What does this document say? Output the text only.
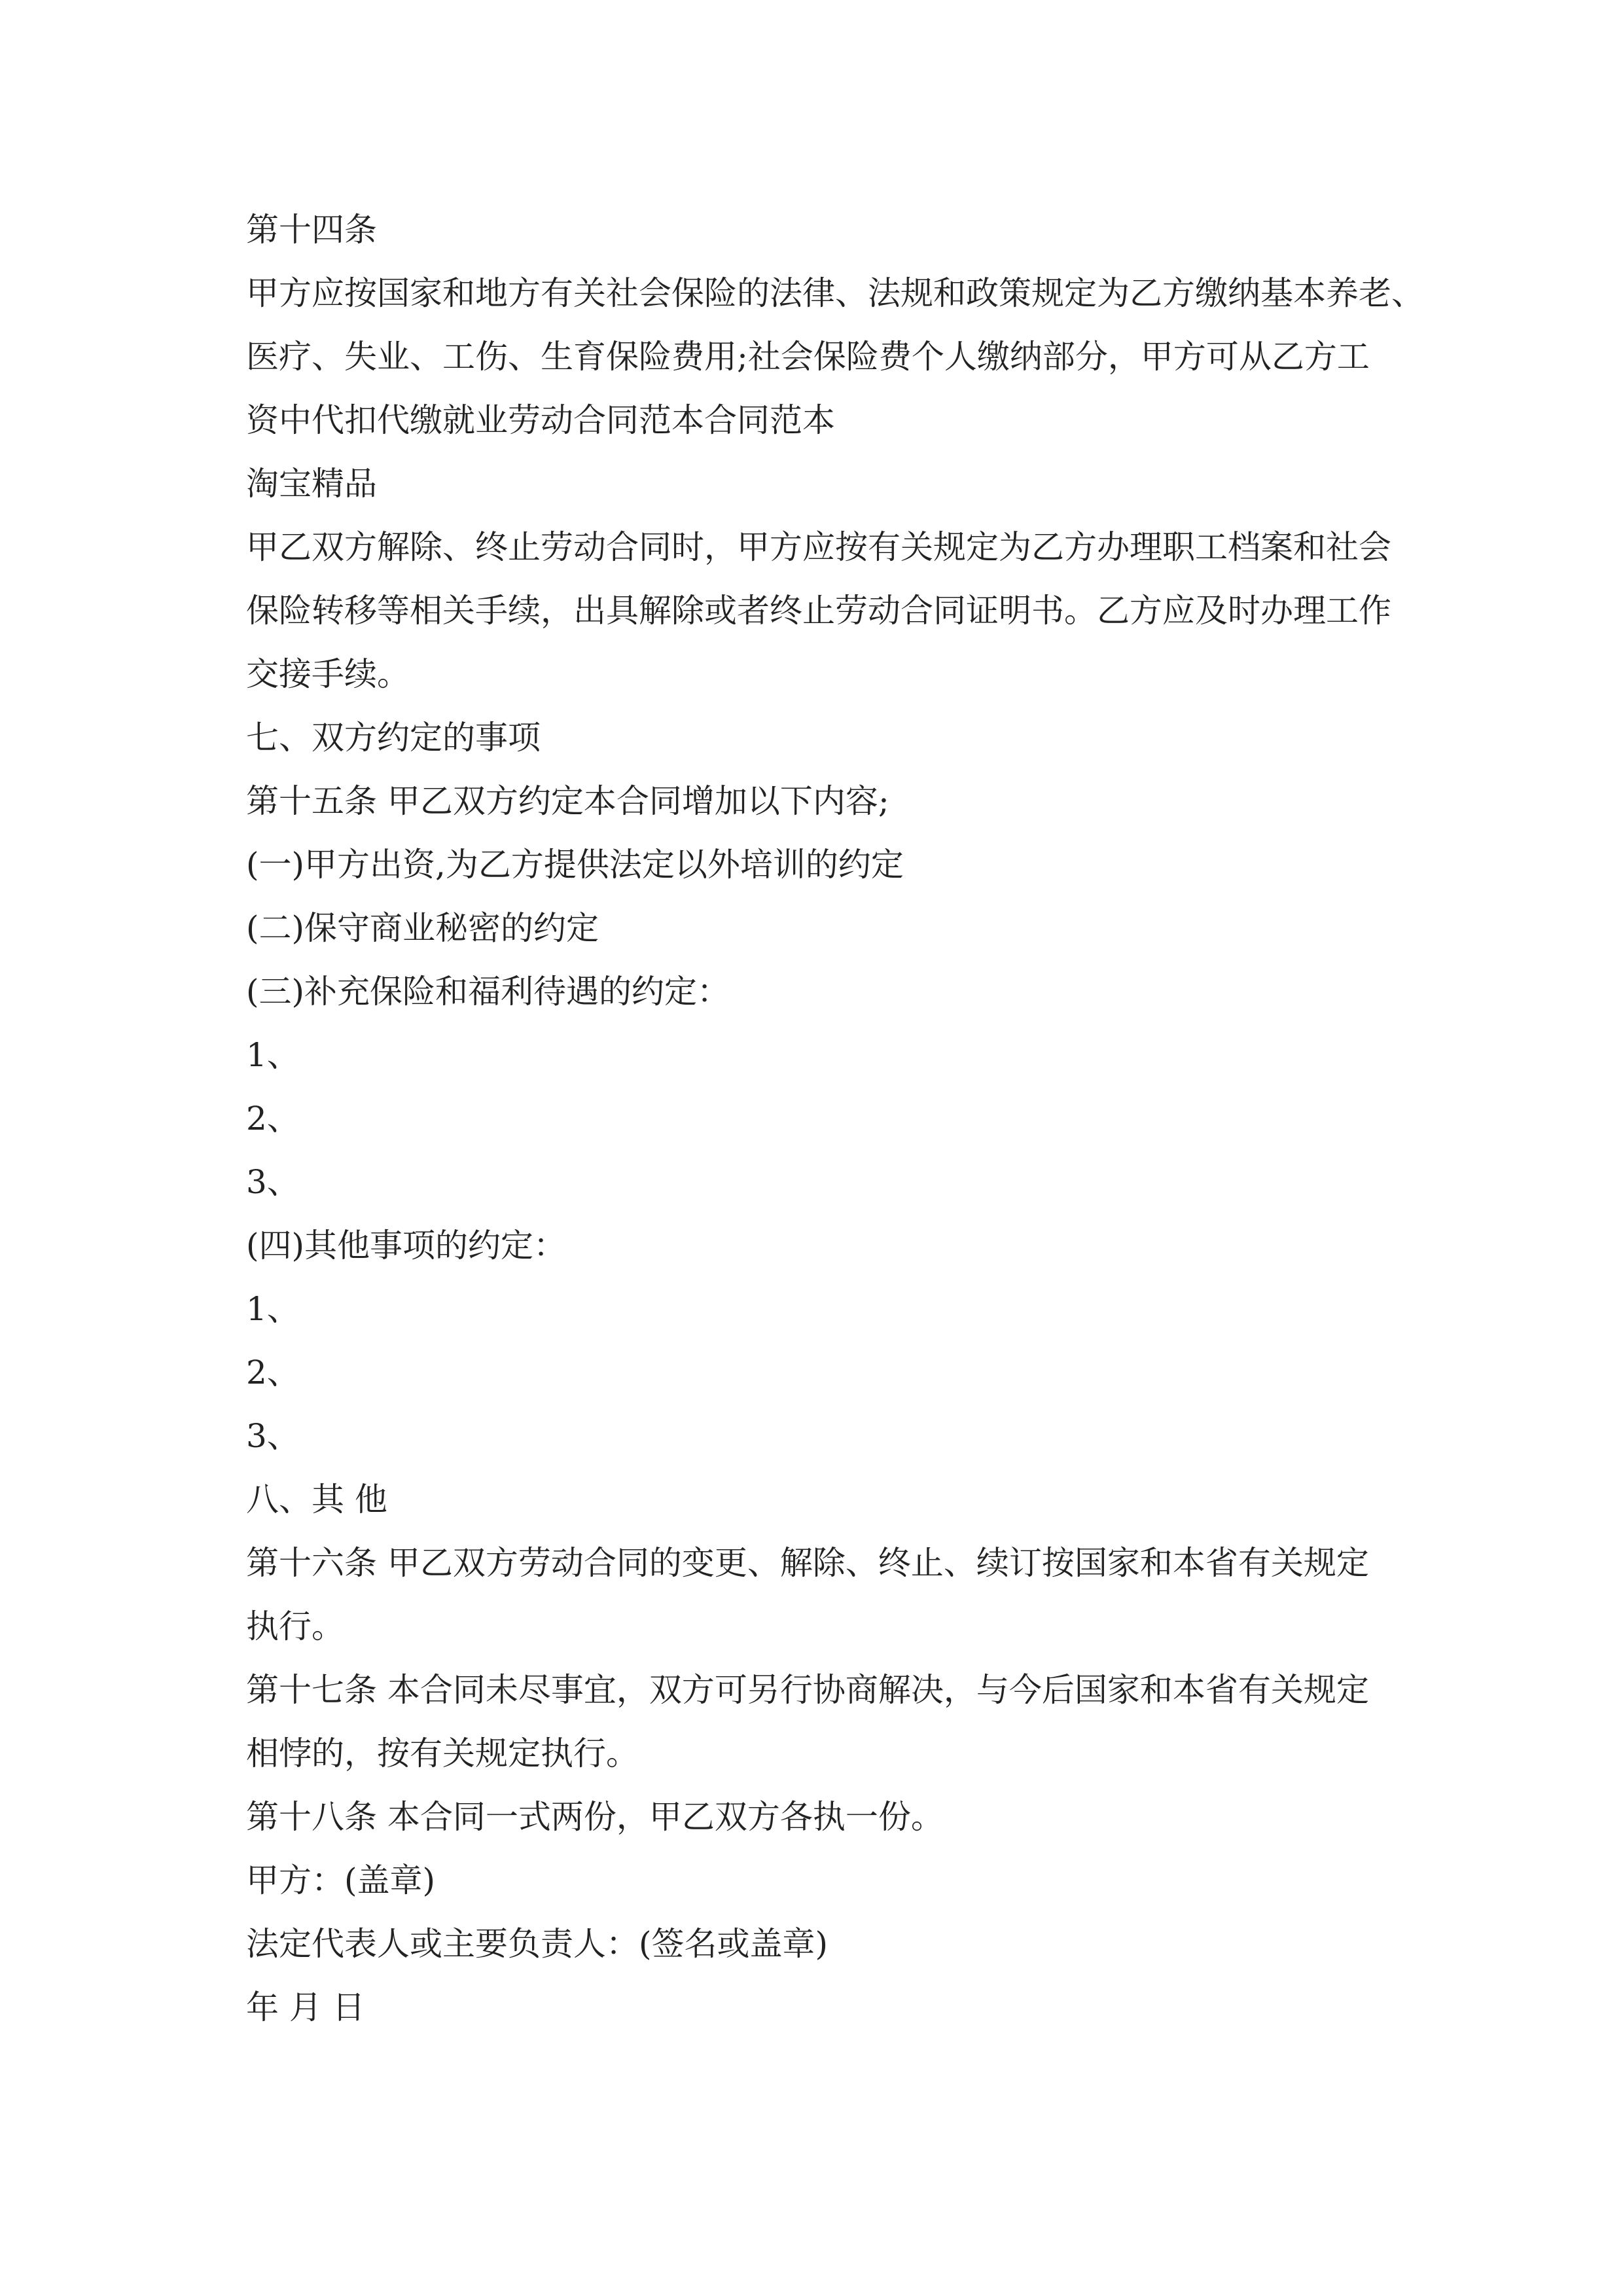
第十四条
甲方应按国家和地方有关社会保险的法律、法规和政策规定为乙方缴纳基本养老、
医疗、失业、工伤、生育保险费用;社会保险费个人缴纳部分，甲方可从乙方工
资中代扣代缴就业劳动合同范本合同范本
淘宝精品
甲乙双方解除、终止劳动合同时，甲方应按有关规定为乙方办理职工档案和社会
保险转移等相关手续，出具解除或者终止劳动合同证明书。乙方应及时办理工作
交接手续。
七、双方约定的事项
第十五条 甲乙双方约定本合同增加以下内容;
(一)甲方出资,为乙方提供法定以外培训的约定
(二)保守商业秘密的约定
(三)补充保险和福利待遇的约定：
1、
2、
3、
(四)其他事项的约定：
1、
2、
3、
八、其 他
第十六条 甲乙双方劳动合同的变更、解除、终止、续订按国家和本省有关规定
执行。
第十七条 本合同未尽事宜，双方可另行协商解决，与今后国家和本省有关规定
相悖的，按有关规定执行。
第十八条 本合同一式两份，甲乙双方各执一份。
甲方：(盖章)
法定代表人或主要负责人：(签名或盖章)
年 月 日
